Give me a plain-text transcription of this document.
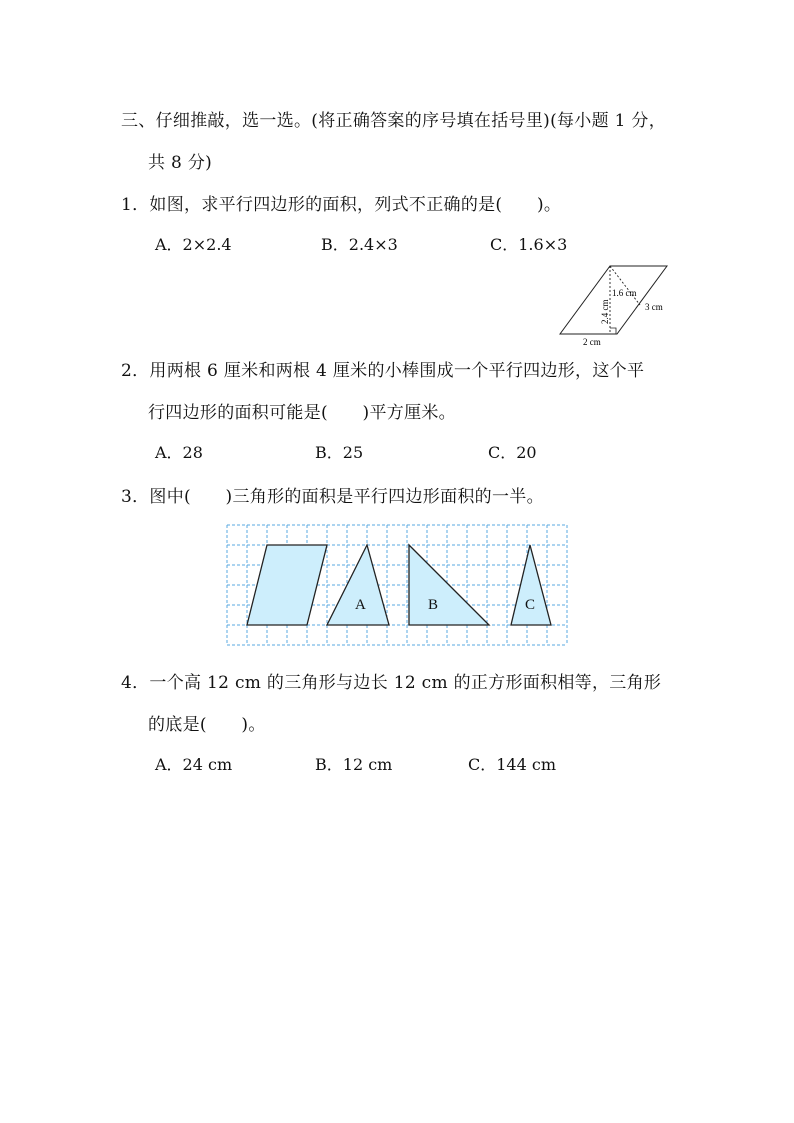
三、仔细推敲，选一选。(将正确答案的序号填在括号里)(每小题 1 分，
共 8 分)
1．如图，求平行四边形的面积，列式不正确的是(　　)。
A．2×2.4	B．2.4×3	C．1.6×3
2.4 cm
1.6 cm
3 cm
2 cm
2．用两根 6 厘米和两根 4 厘米的小棒围成一个平行四边形，这个平
行四边形的面积可能是(　　)平方厘米。
A．28	B．25	C．20
3．图中(　　)三角形的面积是平行四边形面积的一半。
A	B	C
4．一个高 12 cm 的三角形与边长 12 cm 的正方形面积相等，三角形
的底是(　　)。
A．24 cm	B．12 cm	C．144 cm
